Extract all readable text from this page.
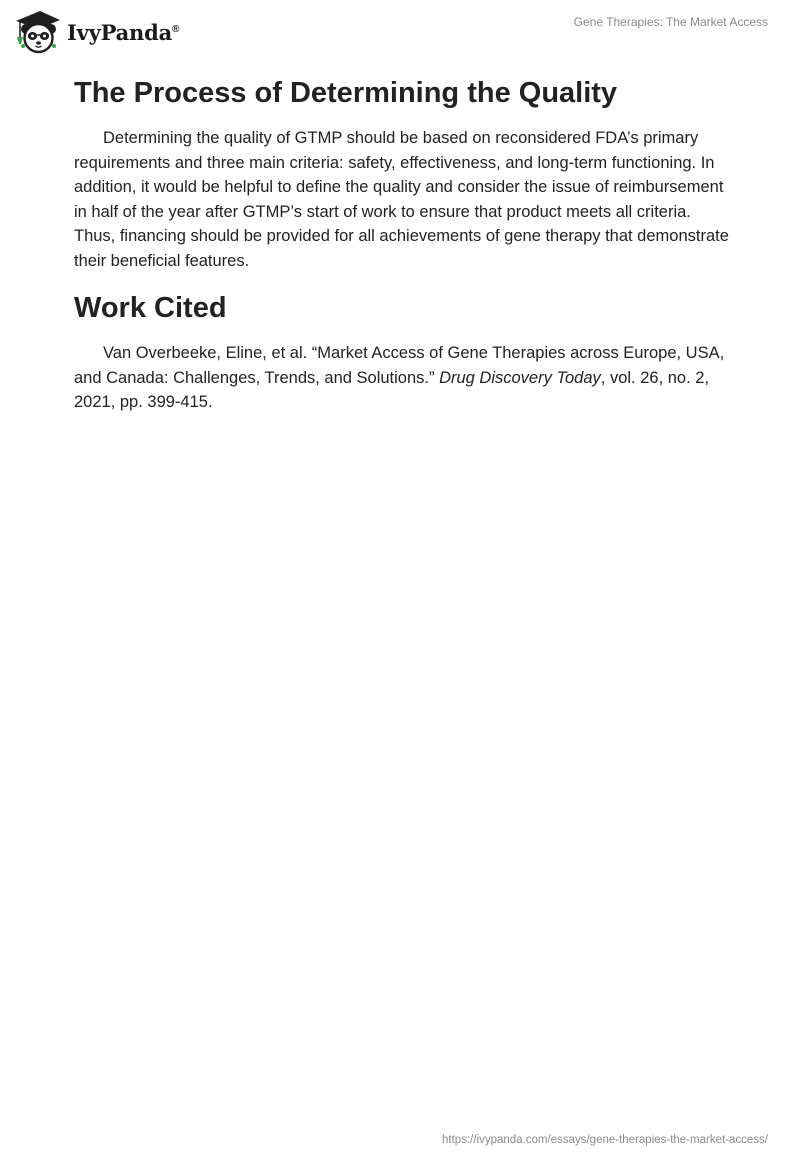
IvyPanda®	Gene Therapies: The Market Access
The Process of Determining the Quality

Determining the quality of GTMP should be based on reconsidered FDA’s primary requirements and three main criteria: safety, effectiveness, and long-term functioning. In addition, it would be helpful to define the quality and consider the issue of reimbursement in half of the year after GTMP’s start of work to ensure that product meets all criteria. Thus, financing should be provided for all achievements of gene therapy that demonstrate their beneficial features.

Work Cited

Van Overbeeke, Eline, et al. “Market Access of Gene Therapies across Europe, USA, and Canada: Challenges, Trends, and Solutions.” Drug Discovery Today, vol. 26, no. 2, 2021, pp. 399-415.

https://ivypanda.com/essays/gene-therapies-the-market-access/
